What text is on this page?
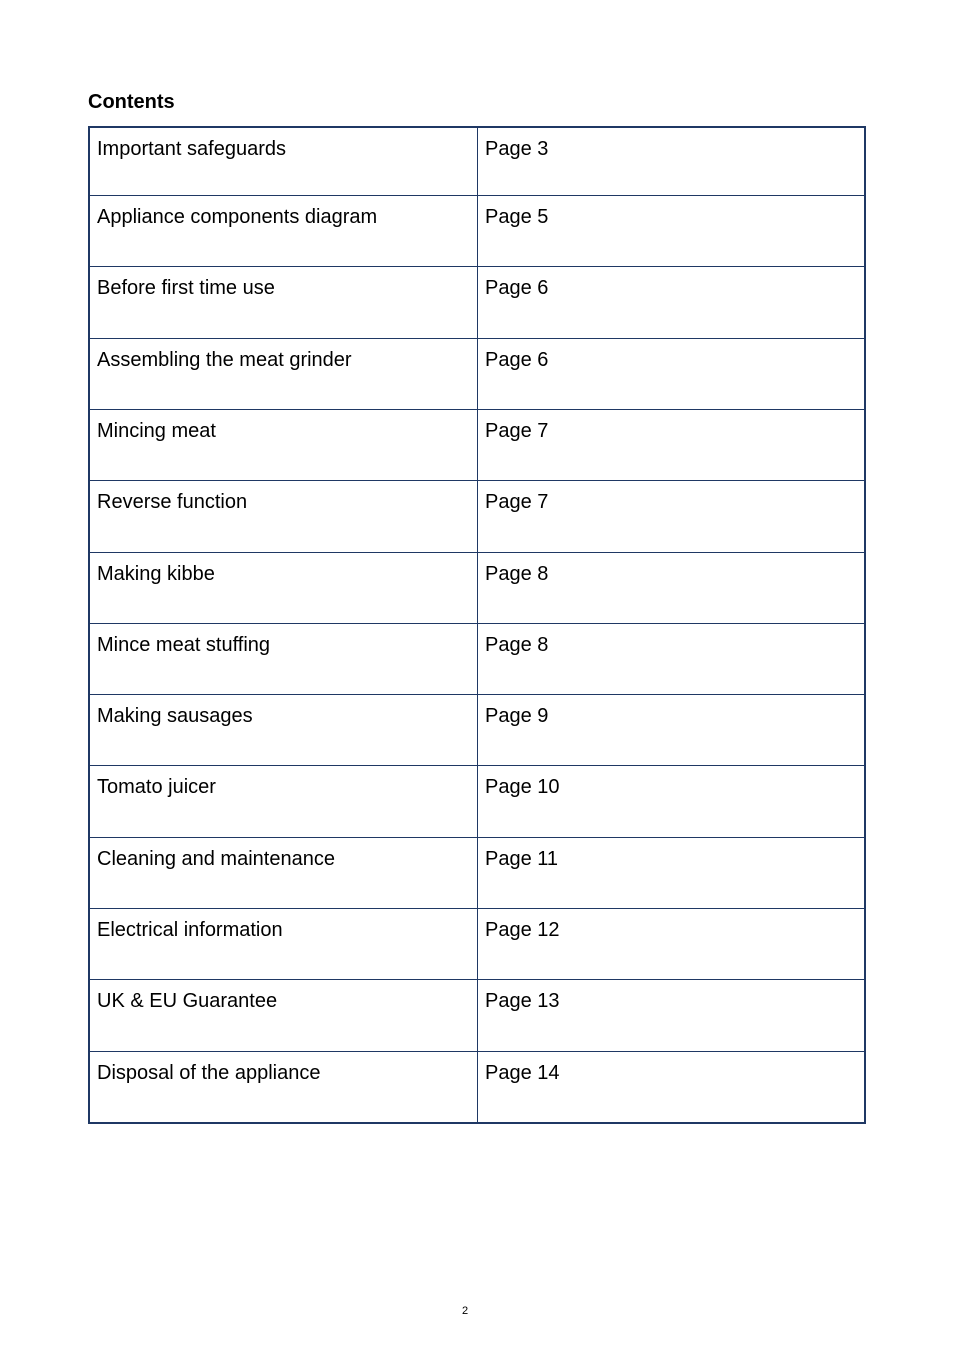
Contents
Important safeguards	Page 3
Appliance components diagram	Page 5
Before first time use	Page 6
Assembling the meat grinder	Page 6
Mincing meat	Page 7
Reverse function	Page 7
Making kibbe	Page 8
Mince meat stuffing	Page 8
Making sausages	Page 9
Tomato juicer	Page 10
Cleaning and maintenance	Page 11
Electrical information	Page 12
UK & EU Guarantee	Page 13
Disposal of the appliance	Page 14
2
